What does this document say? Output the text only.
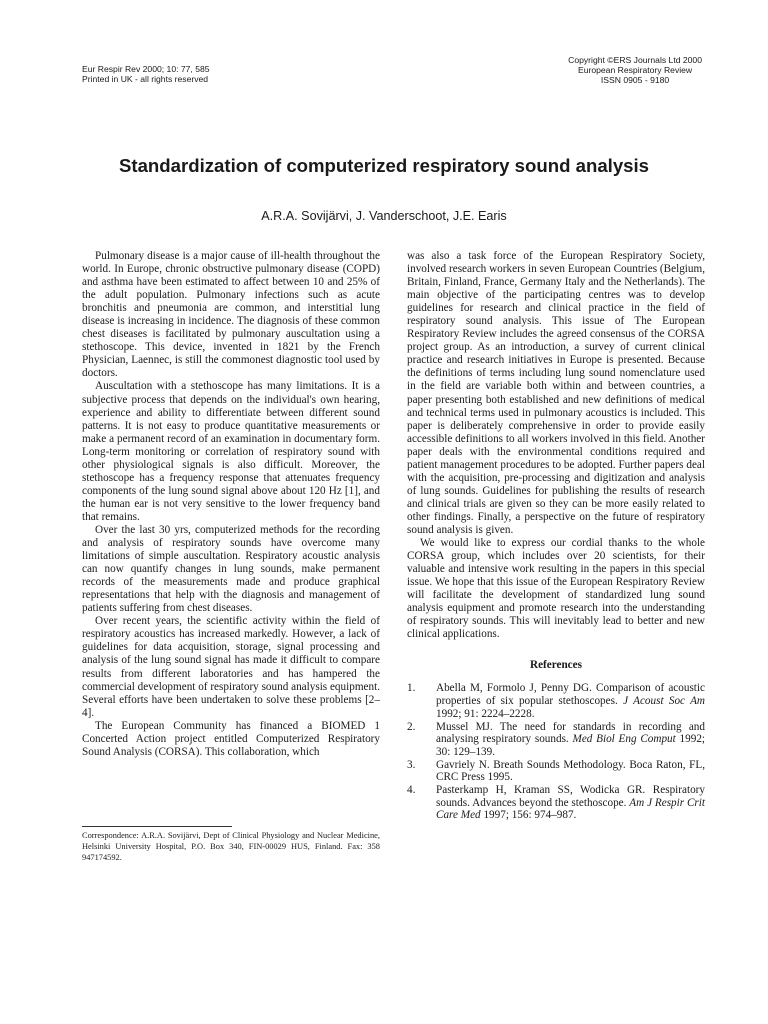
Eur Respir Rev 2000; 10: 77, 585
Printed in UK - all rights reserved
Copyright ©ERS Journals Ltd 2000
European Respiratory Review
ISSN 0905 - 9180
Standardization of computerized respiratory sound analysis
A.R.A. Sovijärvi, J. Vanderschoot, J.E. Earis

Pulmonary disease is a major cause of ill-health throughout the world. In Europe, chronic obstructive pulmonary disease (COPD) and asthma have been estimated to affect between 10 and 25% of the adult population. Pulmonary infections such as acute bronchitis and pneumonia are common, and interstitial lung disease is increasing in incidence. The diagnosis of these common chest diseases is facilitated by pulmonary auscultation using a stethoscope. This device, invented in 1821 by the French Physician, Laennec, is still the commonest diagnostic tool used by doctors.

Auscultation with a stethoscope has many limitations. It is a subjective process that depends on the individual's own hearing, experience and ability to differentiate between different sound patterns. It is not easy to produce quantitative measurements or make a permanent record of an examination in documentary form. Long-term monitoring or correlation of respiratory sound with other physiological signals is also difficult. Moreover, the stethoscope has a frequency response that attenuates frequency components of the lung sound signal above about 120 Hz [1], and the human ear is not very sensitive to the lower frequency band that remains.

Over the last 30 yrs, computerized methods for the recording and analysis of respiratory sounds have overcome many limitations of simple auscultation. Respiratory acoustic analysis can now quantify changes in lung sounds, make permanent records of the measurements made and produce graphical representations that help with the diagnosis and management of patients suffering from chest diseases.

Over recent years, the scientific activity within the field of respiratory acoustics has increased markedly. However, a lack of guidelines for data acquisition, storage, signal processing and analysis of the lung sound signal has made it difficult to compare results from different laboratories and has hampered the commercial development of respiratory sound analysis equipment. Several efforts have been undertaken to solve these problems [2–4].

The European Community has financed a BIOMED 1 Concerted Action project entitled Computerized Respiratory Sound Analysis (CORSA). This collaboration, which

was also a task force of the European Respiratory Society, involved research workers in seven European Countries (Belgium, Britain, Finland, France, Germany Italy and the Netherlands). The main objective of the participating centres was to develop guidelines for research and clinical practice in the field of respiratory sound analysis. This issue of The European Respiratory Review includes the agreed consensus of the CORSA project group. As an introduction, a survey of current clinical practice and research initiatives in Europe is presented. Because the definitions of terms including lung sound nomenclature used in the field are variable both within and between countries, a paper presenting both established and new definitions of medical and technical terms used in pulmonary acoustics is included. This paper is deliberately comprehensive in order to provide easily accessible definitions to all workers involved in this field. Another paper deals with the environmental conditions required and patient management procedures to be adopted. Further papers deal with the acquisition, pre-processing and digitization and analysis of lung sounds. Guidelines for publishing the results of research and clinical trials are given so they can be more easily related to other findings. Finally, a perspective on the future of respiratory sound analysis is given.

We would like to express our cordial thanks to the whole CORSA group, which includes over 20 scientists, for their valuable and intensive work resulting in the papers in this special issue. We hope that this issue of the European Respiratory Review will facilitate the development of standardized lung sound analysis equipment and promote research into the understanding of respiratory sounds. This will inevitably lead to better and new clinical applications.

References
1.	Abella M, Formolo J, Penny DG. Comparison of acoustic properties of six popular stethoscopes. J Acoust Soc Am 1992; 91: 2224–2228.
2.	Mussel MJ. The need for standards in recording and analysing respiratory sounds. Med Biol Eng Comput 1992; 30: 129–139.
3.	Gavriely N. Breath Sounds Methodology. Boca Raton, FL, CRC Press 1995.
4.	Pasterkamp H, Kraman SS, Wodicka GR. Respiratory sounds. Advances beyond the stethoscope. Am J Respir Crit Care Med 1997; 156: 974–987.
Correspondence: A.R.A. Sovijärvi, Dept of Clinical Physiology and Nuclear Medicine, Helsinki University Hospital, P.O. Box 340, FIN-00029 HUS, Finland. Fax: 358 947174592.
